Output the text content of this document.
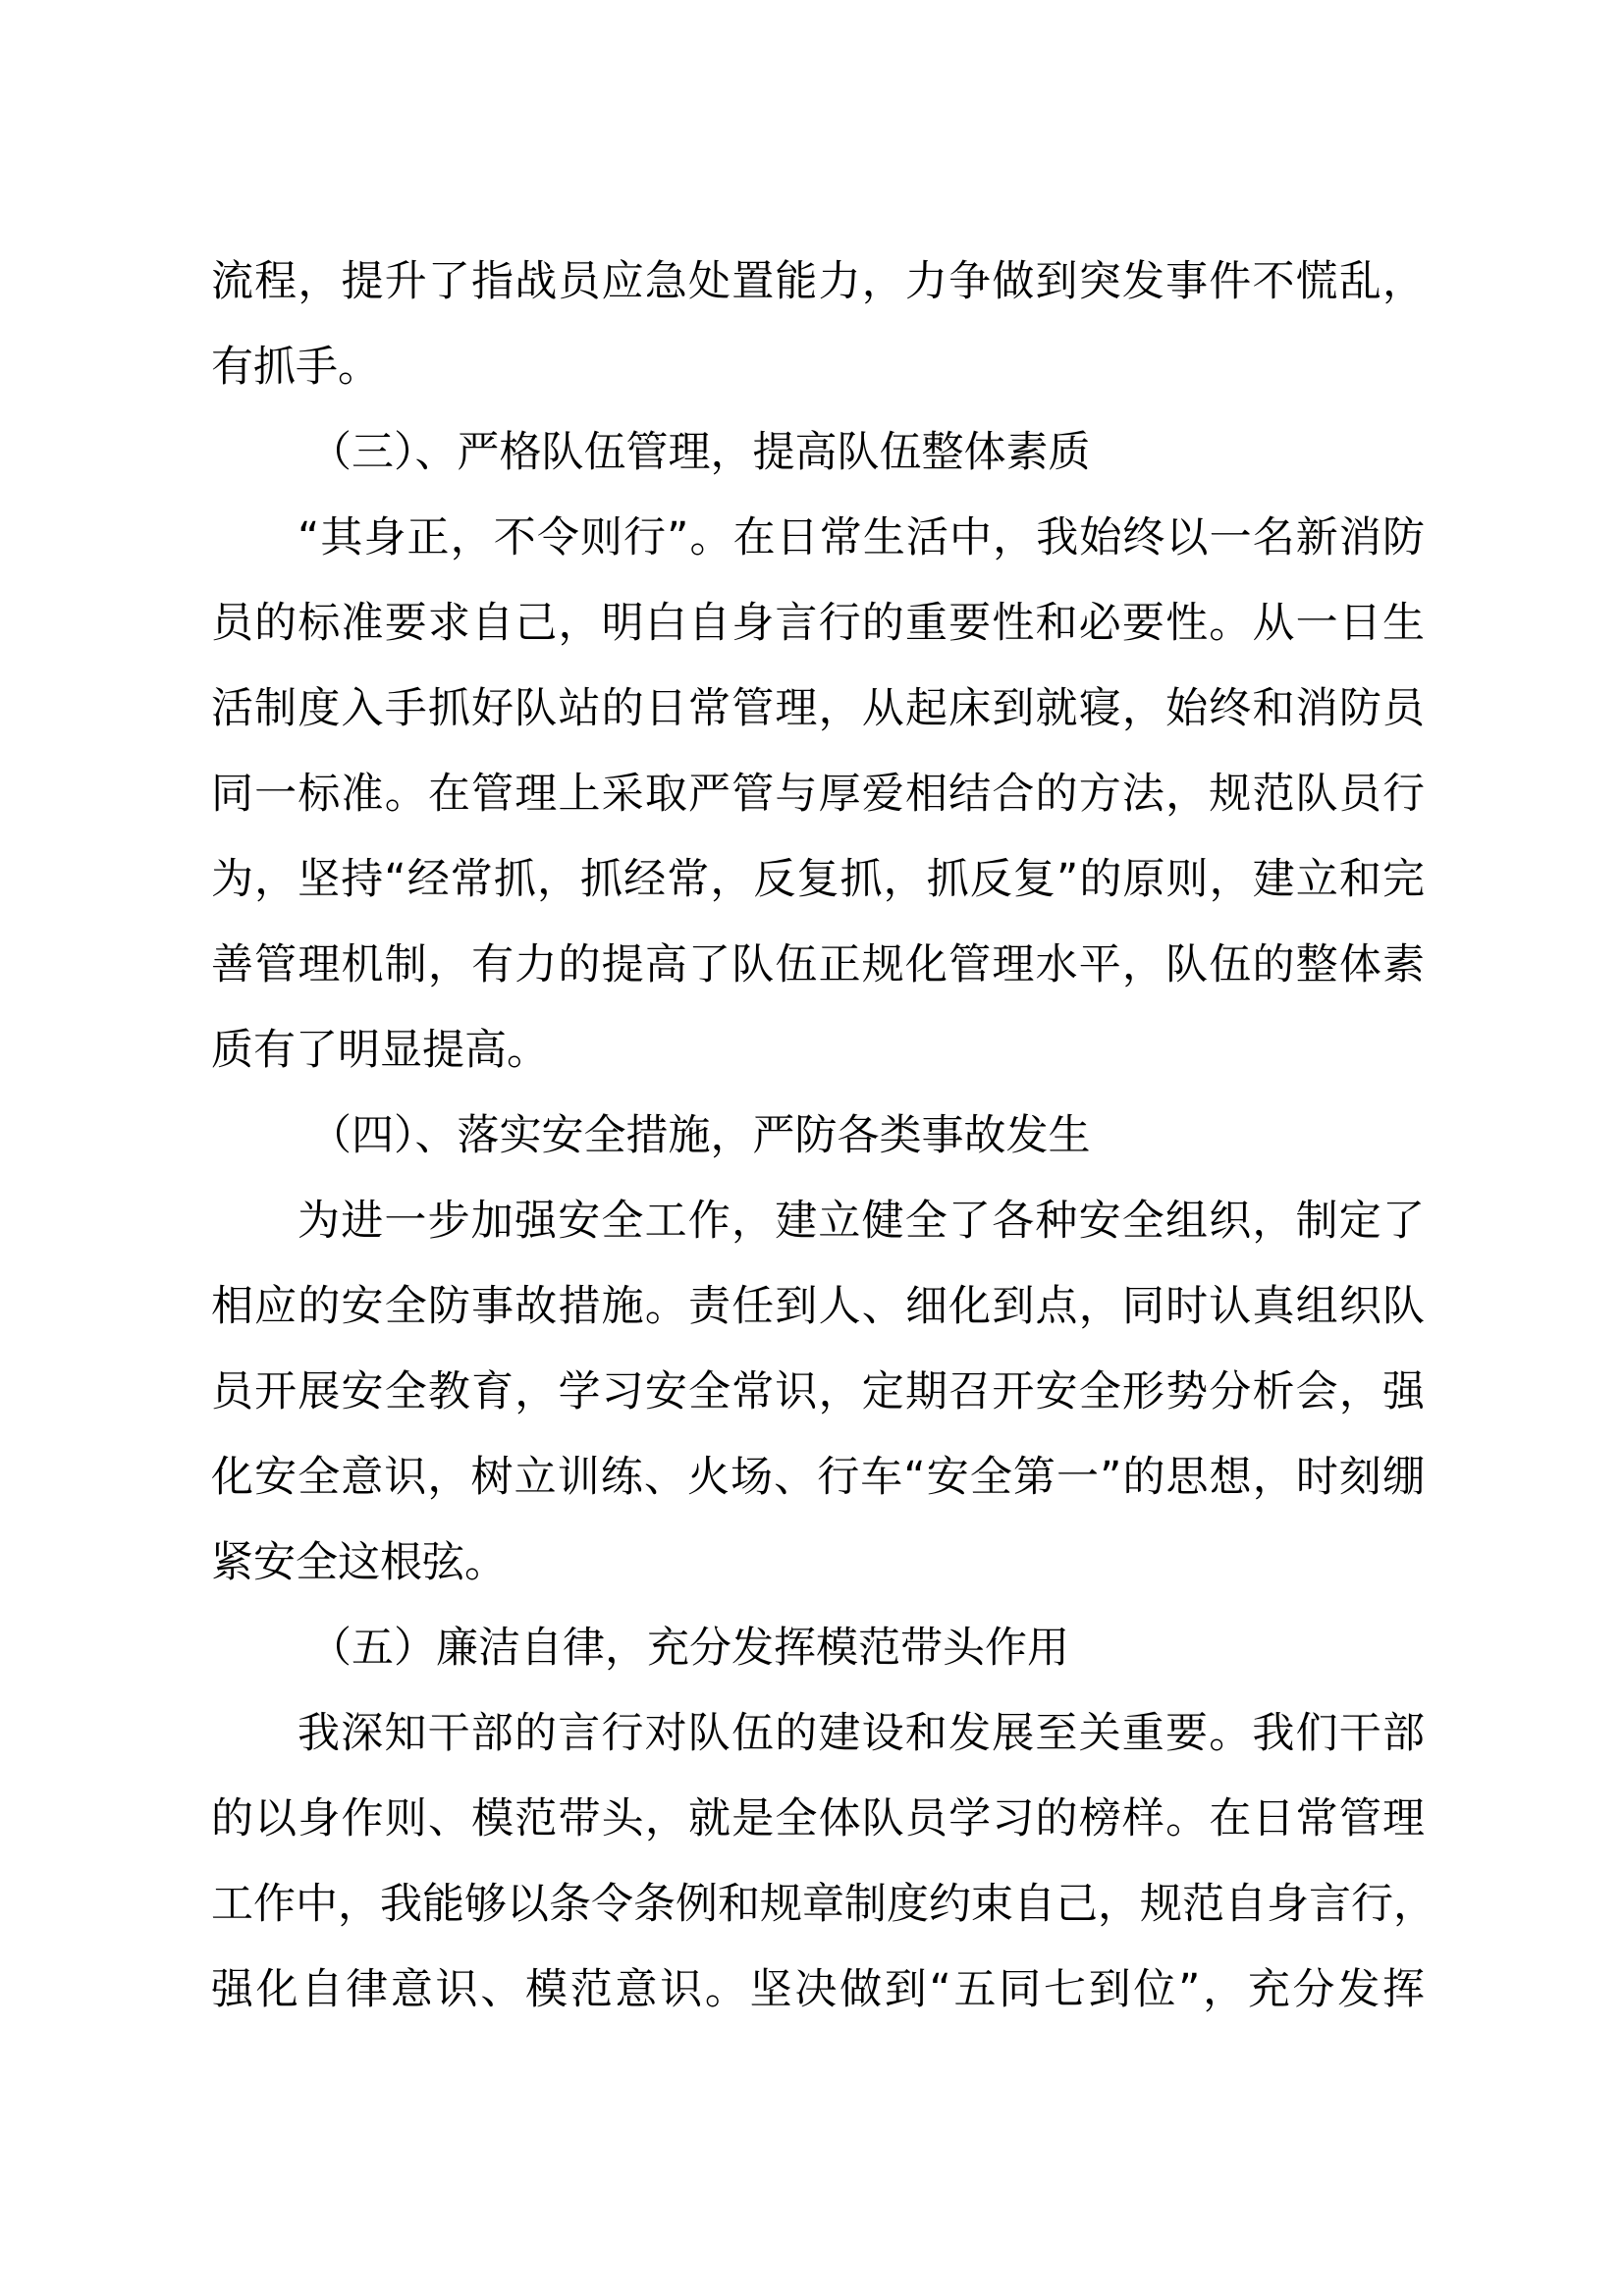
流程，提升了指战员应急处置能力，力争做到突发事件不慌乱，
有抓手。
（三）、严格队伍管理，提高队伍整体素质
“其身正，不令则行”。在日常生活中，我始终以一名新消防
员的标准要求自己，明白自身言行的重要性和必要性。从一日生
活制度入手抓好队站的日常管理，从起床到就寝，始终和消防员
同一标准。在管理上采取严管与厚爱相结合的方法，规范队员行
为，坚持“经常抓，抓经常，反复抓，抓反复”的原则，建立和完
善管理机制，有力的提高了队伍正规化管理水平，队伍的整体素
质有了明显提高。
（四）、落实安全措施，严防各类事故发生
为进一步加强安全工作，建立健全了各种安全组织，制定了
相应的安全防事故措施。责任到人、细化到点，同时认真组织队
员开展安全教育，学习安全常识，定期召开安全形势分析会，强
化安全意识，树立训练、火场、行车“安全第一”的思想，时刻绷
紧安全这根弦。
（五）廉洁自律，充分发挥模范带头作用
我深知干部的言行对队伍的建设和发展至关重要。我们干部
的以身作则、模范带头，就是全体队员学习的榜样。在日常管理
工作中，我能够以条令条例和规章制度约束自己，规范自身言行，
强化自律意识、模范意识。坚决做到“五同七到位”，充分发挥
